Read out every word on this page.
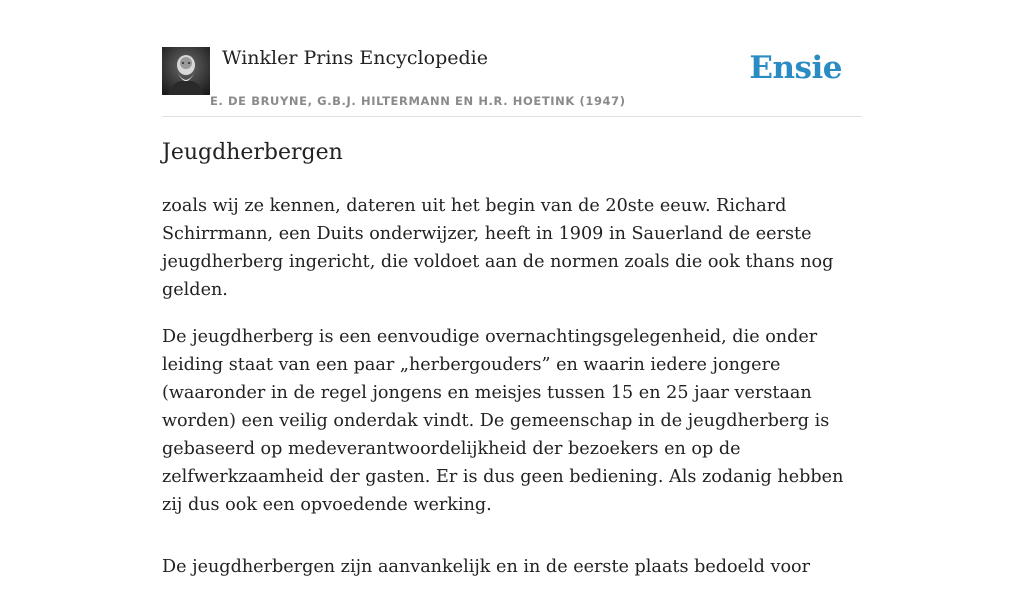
Winkler Prins Encyclopedie
E. DE BRUYNE, G.B.J. HILTERMANN EN H.R. HOETINK (1947)
Ensie
Jeugdherbergen

zoals wij ze kennen, dateren uit het begin van de 20ste eeuw. Richard Schirrmann, een Duits onderwijzer, heeft in 1909 in Sauerland de eerste jeugdherberg ingericht, die voldoet aan de normen zoals die ook thans nog gelden.

De jeugdherberg is een eenvoudige overnachtingsgelegenheid, die onder leiding staat van een paar „herbergouders” en waarin iedere jongere (waaronder in de regel jongens en meisjes tussen 15 en 25 jaar verstaan worden) een veilig onderdak vindt. De gemeenschap in de jeugdherberg is gebaseerd op medeverantwoordelijkheid der bezoekers en op de zelfwerkzaamheid der gasten. Er is dus geen bediening. Als zodanig hebben zij dus ook een opvoedende werking.

De jeugdherbergen zijn aanvankelijk en in de eerste plaats bedoeld voor
